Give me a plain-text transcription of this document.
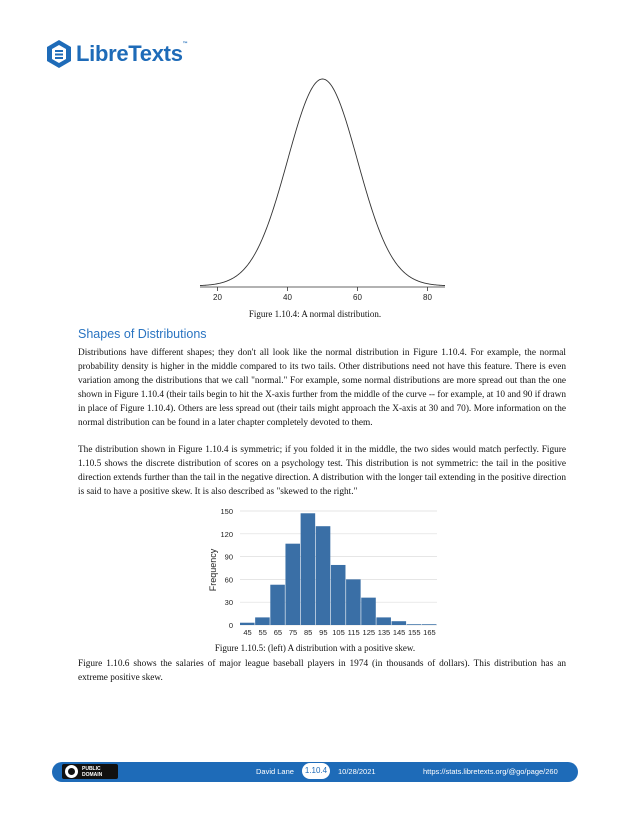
LibreTexts™
20	40	60	80
Figure 1.10.4: A normal distribution.
Shapes of Distributions
Distributions have different shapes; they don't all look like the normal distribution in Figure 1.10.4. For example, the normal probability density is higher in the middle compared to its two tails. Other distributions need not have this feature. There is even variation among the distributions that we call "normal." For example, some normal distributions are more spread out than the one shown in Figure 1.10.4 (their tails begin to hit the X-axis further from the middle of the curve -- for example, at 10 and 90 if drawn in place of Figure 1.10.4). Others are less spread out (their tails might approach the X-axis at 30 and 70). More information on the normal distribution can be found in a later chapter completely devoted to them.
The distribution shown in Figure 1.10.4 is symmetric; if you folded it in the middle, the two sides would match perfectly. Figure 1.10.5 shows the discrete distribution of scores on a psychology test. This distribution is not symmetric: the tail in the positive direction extends further than the tail in the negative direction. A distribution with the longer tail extending in the positive direction is said to have a positive skew. It is also described as "skewed to the right."
Frequency
0
30
60
90
120
150
45 55 65 75 85 95 105 115 125 135 145 155 165
Figure 1.10.5: (left) A distribution with a positive skew.
Figure 1.10.6 shows the salaries of major league baseball players in 1974 (in thousands of dollars). This distribution has an extreme positive skew.
PUBLIC
DOMAIN	David Lane	1.10.4	10/28/2021	https://stats.libretexts.org/@go/page/260
